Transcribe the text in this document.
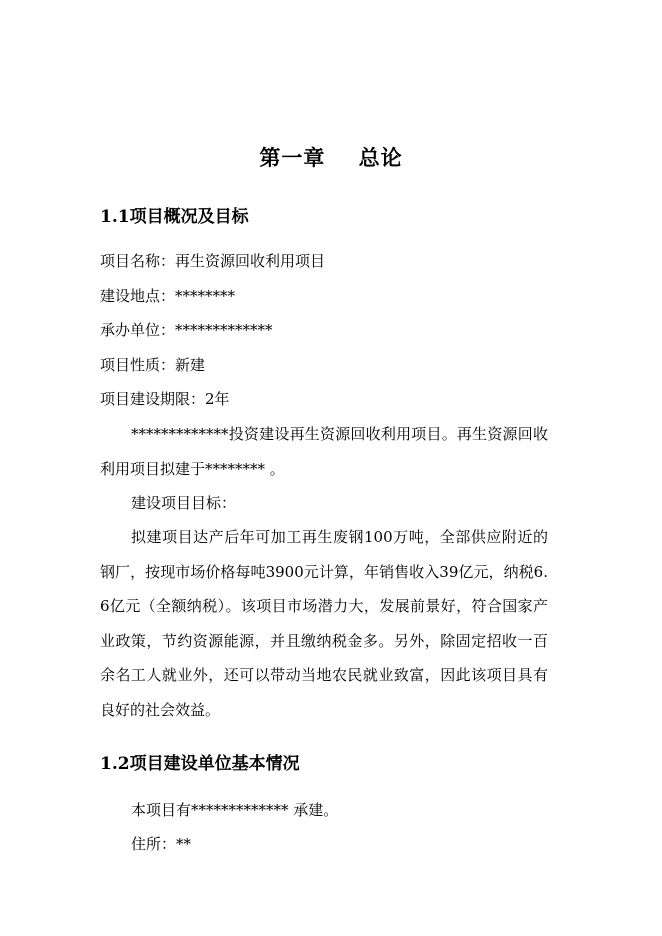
第一章    总论
1.1项目概况及目标
项目名称：再生资源回收利用项目
建设地点：********
承办单位：*************
项目性质：新建
项目建设期限：2年
*************投资建设再生资源回收利用项目。再生资源回收利用项目拟建于******** 。
建设项目目标：
拟建项目达产后年可加工再生废钢100万吨，全部供应附近的钢厂，按现市场价格每吨3900元计算，年销售收入39亿元，纳税6.6亿元（全额纳税）。该项目市场潜力大，发展前景好，符合国家产业政策，节约资源能源，并且缴纳税金多。另外，除固定招收一百余名工人就业外，还可以带动当地农民就业致富，因此该项目具有良好的社会效益。
1.2项目建设单位基本情况
本项目有************* 承建。
住所：**
